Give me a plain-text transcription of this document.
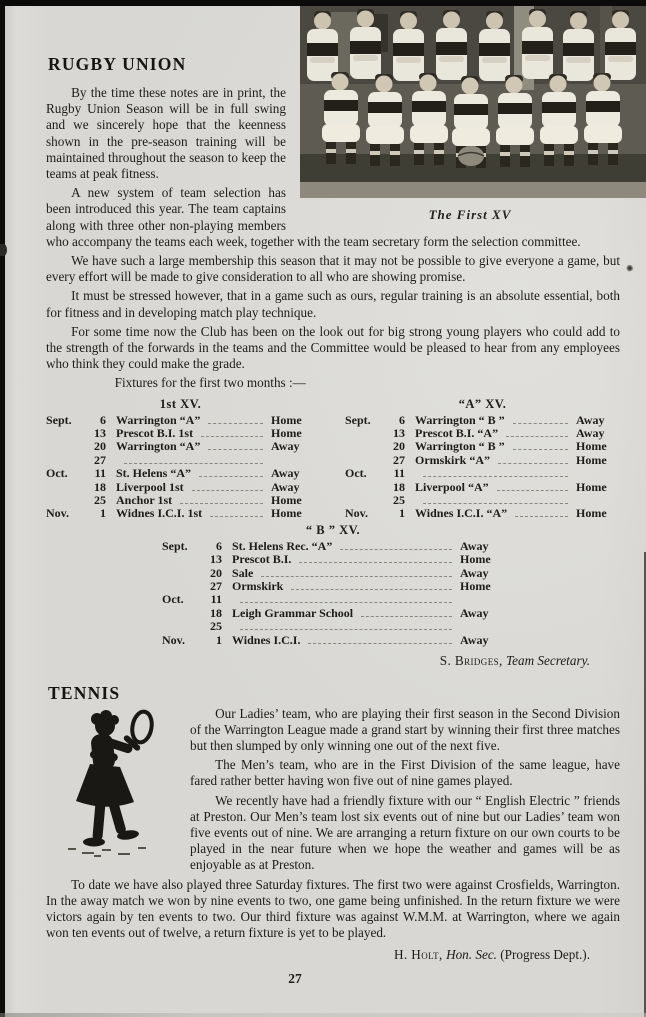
✺
The First XV
RUGBY UNION

By the time these notes are in print, the Rugby Union Season will be in full swing and we sincerely hope that the keenness shown in the pre-season training will be maintained throughout the season to keep the teams at peak fitness.

A new system of team selection has been introduced this year. The team captains along with three other non-playing members who accompany the teams each week, together with the team secretary form the selection committee.

We have such a large membership this season that it may not be possible to give everyone a game, but every effort will be made to give consideration to all who are showing promise.

It must be stressed however, that in a game such as ours, regular training is an absolute essential, both for fitness and in developing match play technique.

For some time now the Club has been on the look out for big strong young players who could add to the strength of the forwards in the teams and the Committee would be pleased to hear from any employees who think they could make the grade.

Fixtures for the first two months :—

1st XV.
Sept.	6 Warrington “A”	Home
13 Prescot B.I. 1st	Home
20 Warrington “A”	Away
27
Oct.	11 St. Helens “A”	Away
18 Liverpool 1st	Away
25 Anchor 1st	Home
Nov.	1 Widnes I.C.I. 1st	Home
“A” XV.
Sept.	6 Warrington “ B ”	Away
13 Prescot B.I. “A”	Away
20 Warrington “ B ”	Home
27 Ormskirk “A”	Home
Oct.	11
18 Liverpool “A”	Home
25
Nov.	1 Widnes I.C.I. “A”	Home
“ B ” XV.
Sept.	6 St. Helens Rec. “A”	Away
13 Prescot B.I.	Home
20 Sale	Away
27 Ormskirk	Home
Oct.	11
18 Leigh Grammar School	Away
25
Nov.	1 Widnes I.C.I.	Away
S. Bridges, Team Secretary.
TENNIS

Our Ladies’ team, who are playing their first season in the Second Division of the Warrington League made a grand start by winning their first three matches but then slumped by only winning one out of the next five.

The Men’s team, who are in the First Division of the same league, have fared rather better having won five out of nine games played.

We recently have had a friendly fixture with our “ English Electric ” friends at Preston. Our Men’s team lost six events out of nine but our Ladies’ team won five events out of nine. We are arranging a return fixture on our own courts to be played in the near future when we hope the weather and games will be as enjoyable as at Preston.

To date we have also played three Saturday fixtures. The first two were against Crosfields, Warrington. In the away match we won by nine events to two, one game being unfinished. In the return fixture we were victors again by ten events to two. Our third fixture was against W.M.M. at Warrington, where we again won ten events out of twelve, a return fixture is yet to be played.

H. Holt, Hon. Sec. (Progress Dept.).
27
